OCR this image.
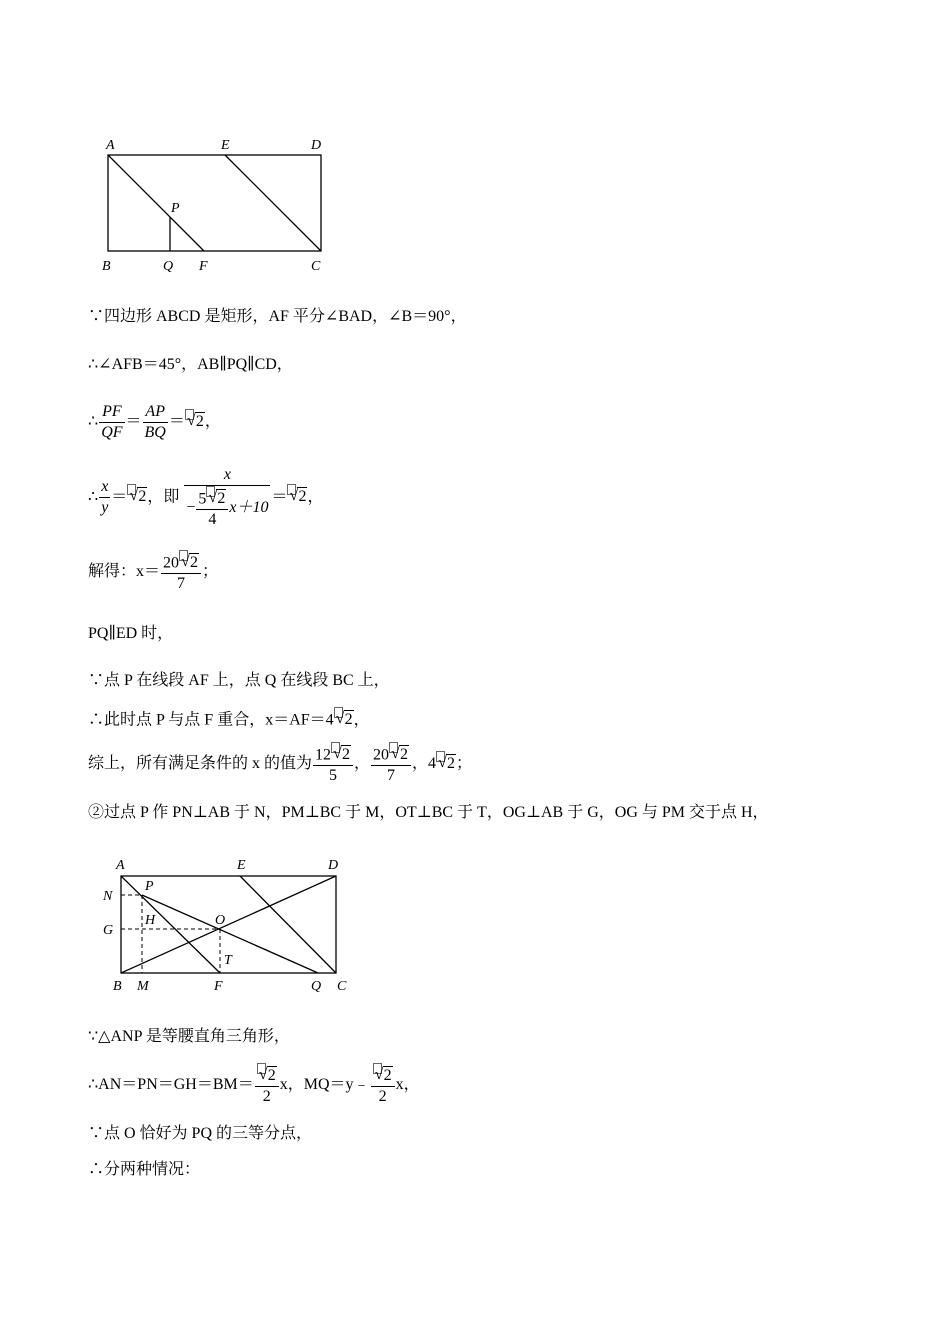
A	E	D
P
B	Q F	C
∵四边形 ABCD 是矩形，AF 平分∠BAD，∠B＝90°，
∴∠AFB＝45°，AB∥PQ∥CD，
∴ $\frac{PF}{QF} = \frac{AP}{BQ}$ ＝ √ 2，
∴ $\frac{x}{y}$ ＝ √ 2，即 $\frac{x}{- \frac{5 √ 2}{4} x+10}$ ＝ √ 2，
解得：$x= \frac{20 √ 2}{7}$ ；
PQ∥ED 时，
∵点 P 在线段 AF 上，点 Q 在线段 BC 上，
∴此时点 P 与点 F 重合，x＝AF＝4 √ 2，
综上，所有满足条件的 x 的值为 $\frac{12 √ 2}{5}$ ， $\frac{20 √ 2}{7}$ ，4 √ 2；
②过点 P 作 PN⊥AB 于 N，PM⊥BC 于 M，OT⊥BC 于 T，OG⊥AB 于 G，OG 与 PM 交于点 H，
A	E	D
N
P
H	O
G
T
B M	F	Q C
∵△ANP 是等腰直角三角形，
∴AN＝PN＝GH＝BM＝ $\frac{√ 2}{2}$ x，MQ＝y﹣ $\frac{√ 2}{2}$ x，
∵点 O 恰好为 PQ 的三等分点，
∴分两种情况：
